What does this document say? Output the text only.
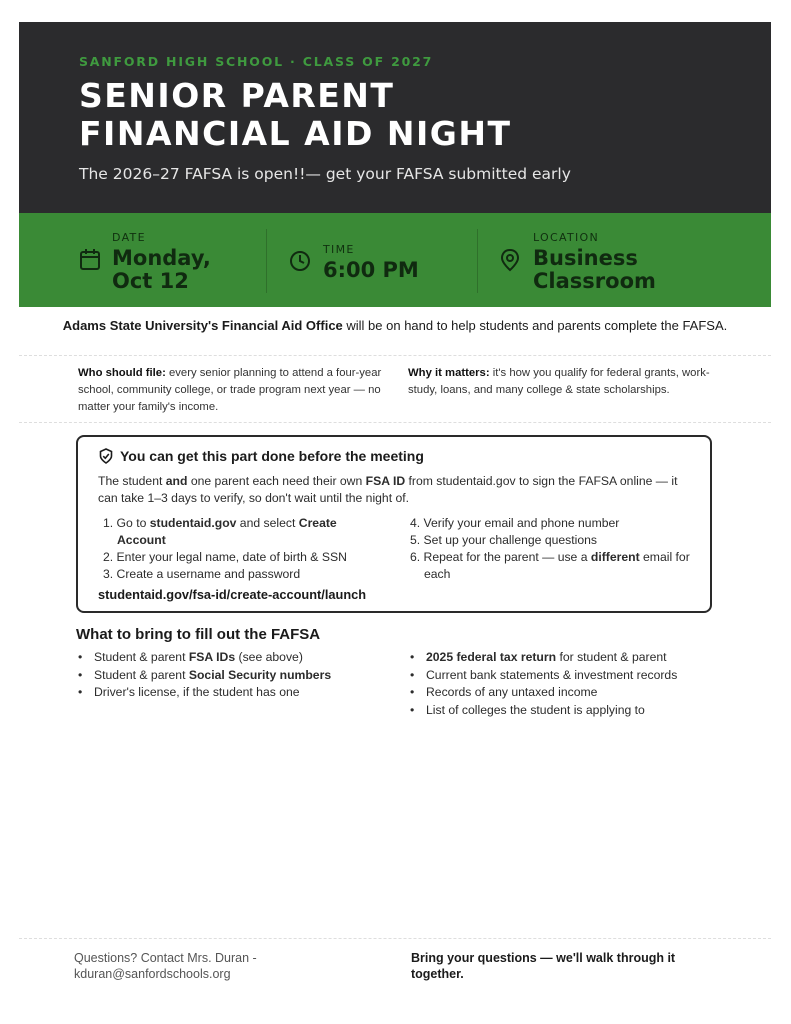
SANFORD HIGH SCHOOL · CLASS OF 2027

SENIOR PARENT
FINANCIAL AID NIGHT

The 2026–27 FAFSA is open!!— get your FAFSA submitted early

DATE
Monday,
Oct 12
TIME
6:00 PM
LOCATION
Business
Classroom
Adams State University's Financial Aid Office will be on hand to help students and parents complete the FAFSA.
Who should file: every senior planning to attend a four-year school, community college, or trade program next year — no matter your family's income.
Why it matters: it's how you qualify for federal grants, work-study, loans, and many college & state scholarships.
You can get this part done before the meeting
The student and one parent each need their own FSA ID from studentaid.gov to sign the FAFSA online — it can take 1–3 days to verify, so don't wait until the night of.
1. Go to studentaid.gov and select Create Account
2. Enter your legal name, date of birth & SSN
3. Create a username and password
4. Verify your email and phone number
5. Set up your challenge questions
6. Repeat for the parent — use a different email for each
studentaid.gov/fsa-id/create-account/launch
What to bring to fill out the FAFSA
• Student & parent FSA IDs (see above)
• Student & parent Social Security numbers
• Driver's license, if the student has one
• 2025 federal tax return for student & parent
• Current bank statements & investment records
• Records of any untaxed income
• List of colleges the student is applying to
Questions? Contact Mrs. Duran -
kduran@sanfordschools.org
Bring your questions — we'll walk through it together.
